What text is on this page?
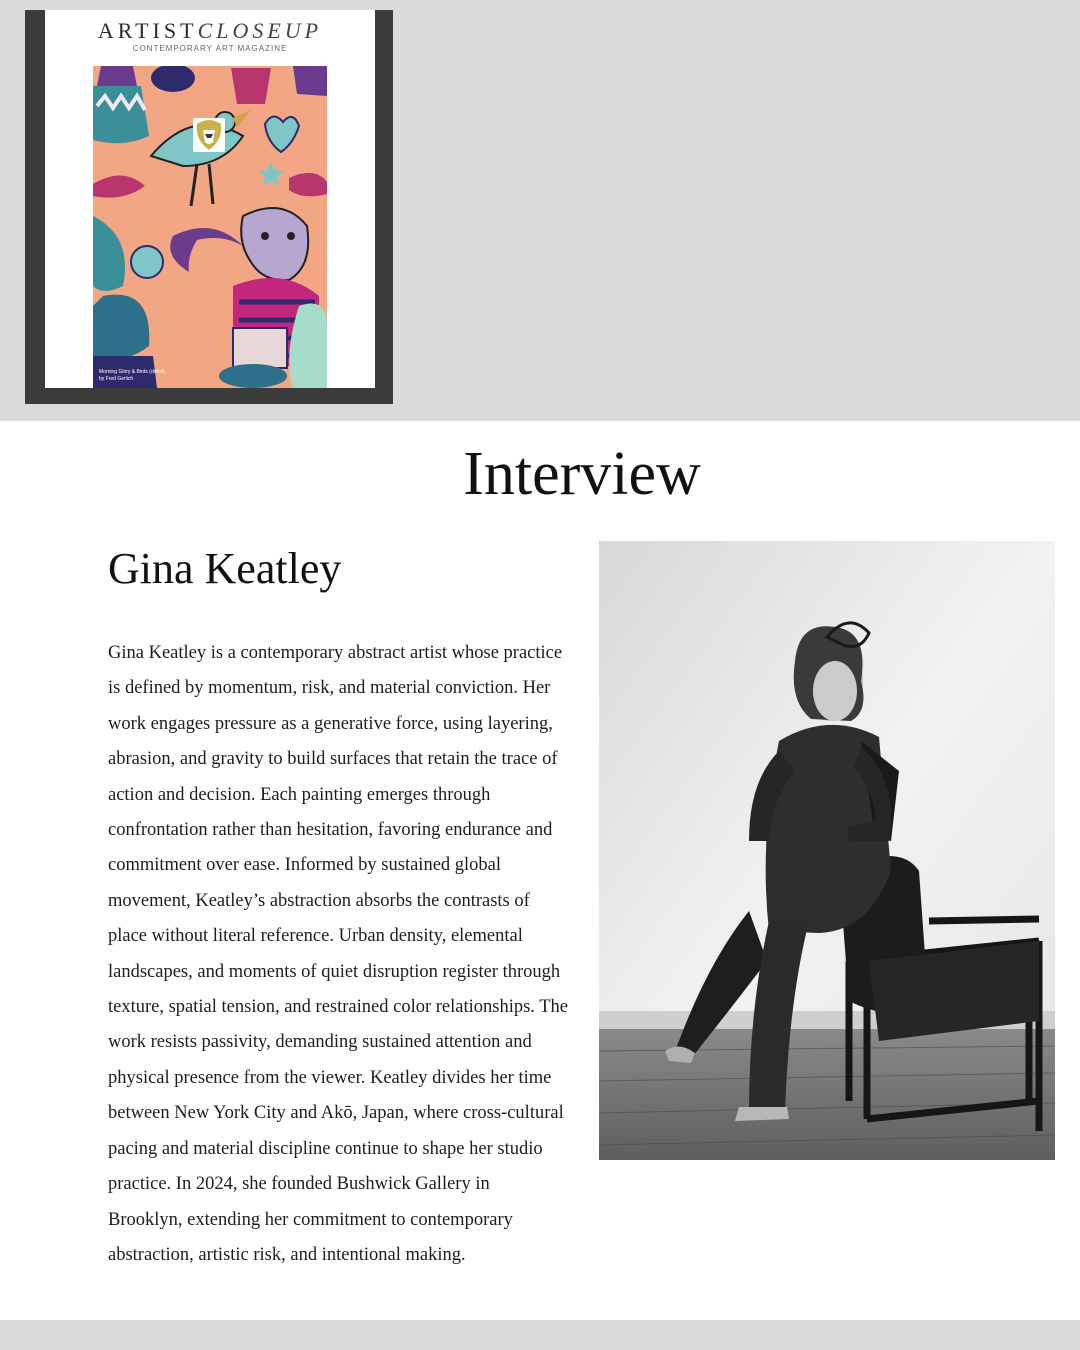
ARTISTCLOSEUP
CONTEMPORARY ART MAGAZINE
Morning Glory & Birds (detail)
by Fred Gerlich
Interview
Gina Keatley

Gina Keatley is a contemporary abstract artist whose practice is defined by momentum, risk, and material conviction. Her work engages pressure as a generative force, using layering, abrasion, and gravity to build surfaces that retain the trace of action and decision. Each painting emerges through confrontation rather than hesitation, favoring endurance and commitment over ease. Informed by sustained global movement, Keatley’s abstraction absorbs the contrasts of place without literal reference. Urban density, elemental landscapes, and moments of quiet disruption register through texture, spatial tension, and restrained color relationships. The work resists passivity, demanding sustained attention and physical presence from the viewer. Keatley divides her time between New York City and Akō, Japan, where cross-cultural pacing and material discipline continue to shape her studio practice. In 2024, she founded Bushwick Gallery in Brooklyn, extending her commitment to contemporary abstraction, artistic risk, and intentional making.
